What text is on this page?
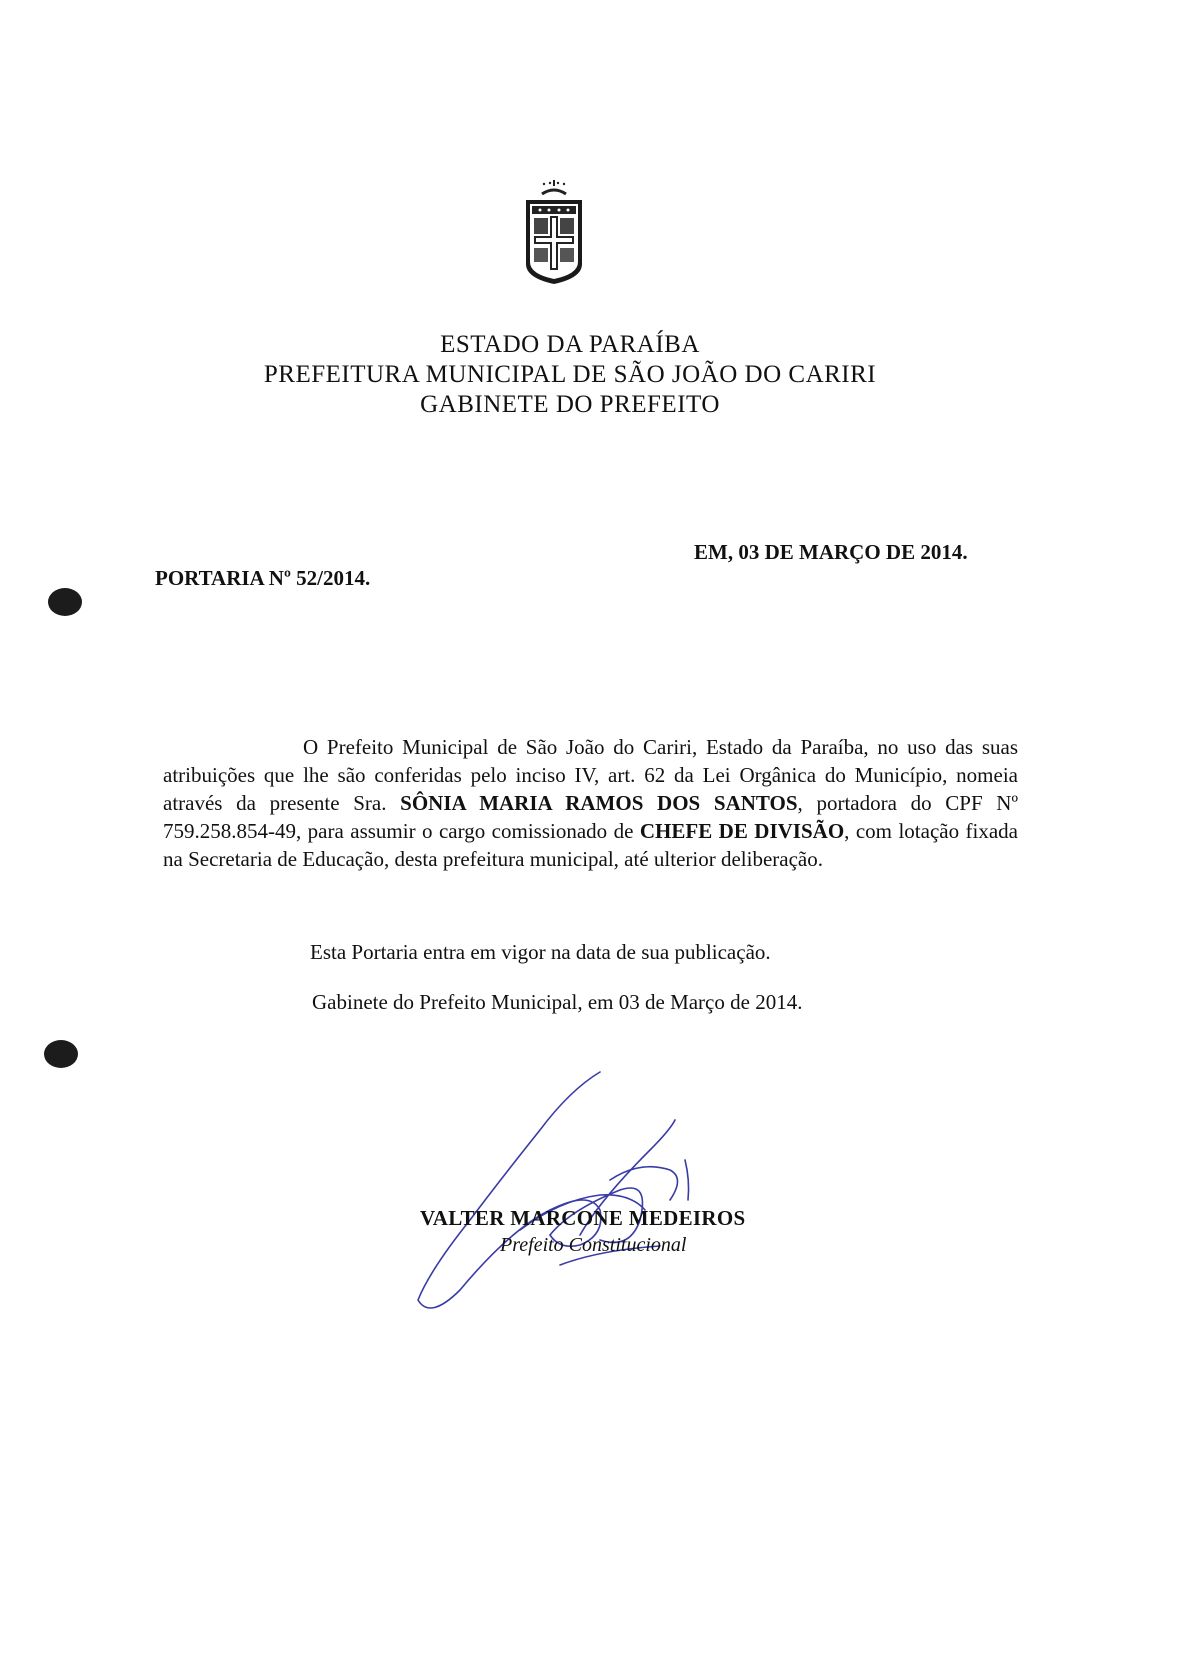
ESTADO DA PARAÍBA
PREFEITURA MUNICIPAL DE SÃO JOÃO DO CARIRI
GABINETE DO PREFEITO
PORTARIA Nº 52/2014.
EM, 03 DE MARÇO DE 2014.
O Prefeito Municipal de São João do Cariri, Estado da Paraíba, no uso das suas atribuições que lhe são conferidas pelo inciso IV, art. 62 da Lei Orgânica do Município, nomeia através da presente Sra. SÔNIA MARIA RAMOS DOS SANTOS, portadora do CPF Nº 759.258.854-49, para assumir o cargo comissionado de CHEFE DE DIVISÃO, com lotação fixada na Secretaria de Educação, desta prefeitura municipal, até ulterior deliberação.
Esta Portaria entra em vigor na data de sua publicação.
Gabinete do Prefeito Municipal, em 03 de Março de 2014.
VALTER MARCONE MEDEIROS
Prefeito Constitucional
